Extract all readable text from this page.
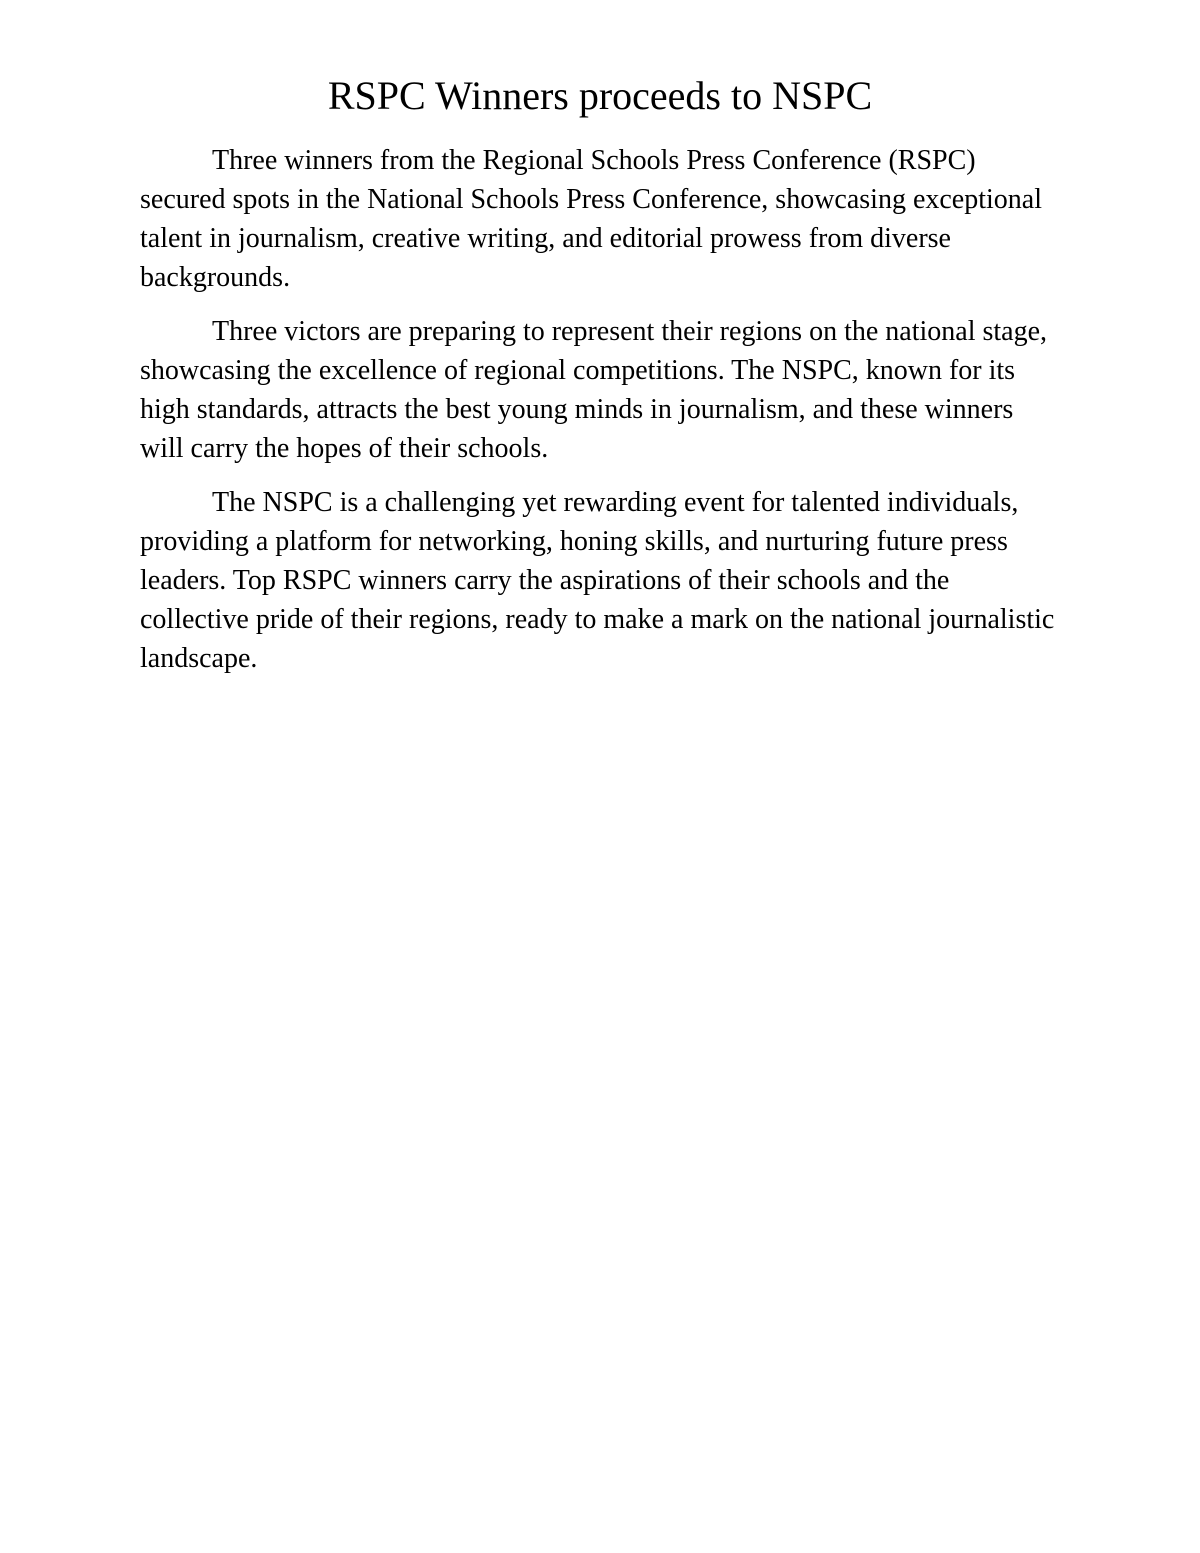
RSPC Winners proceeds to NSPC

Three winners from the Regional Schools Press Conference (RSPC) secured spots in the National Schools Press Conference, showcasing exceptional talent in journalism, creative writing, and editorial prowess from diverse backgrounds.

Three victors are preparing to represent their regions on the national stage, showcasing the excellence of regional competitions. The NSPC, known for its high standards, attracts the best young minds in journalism, and these winners will carry the hopes of their schools.

The NSPC is a challenging yet rewarding event for talented individuals, providing a platform for networking, honing skills, and nurturing future press leaders. Top RSPC winners carry the aspirations of their schools and the collective pride of their regions, ready to make a mark on the national journalistic landscape.
